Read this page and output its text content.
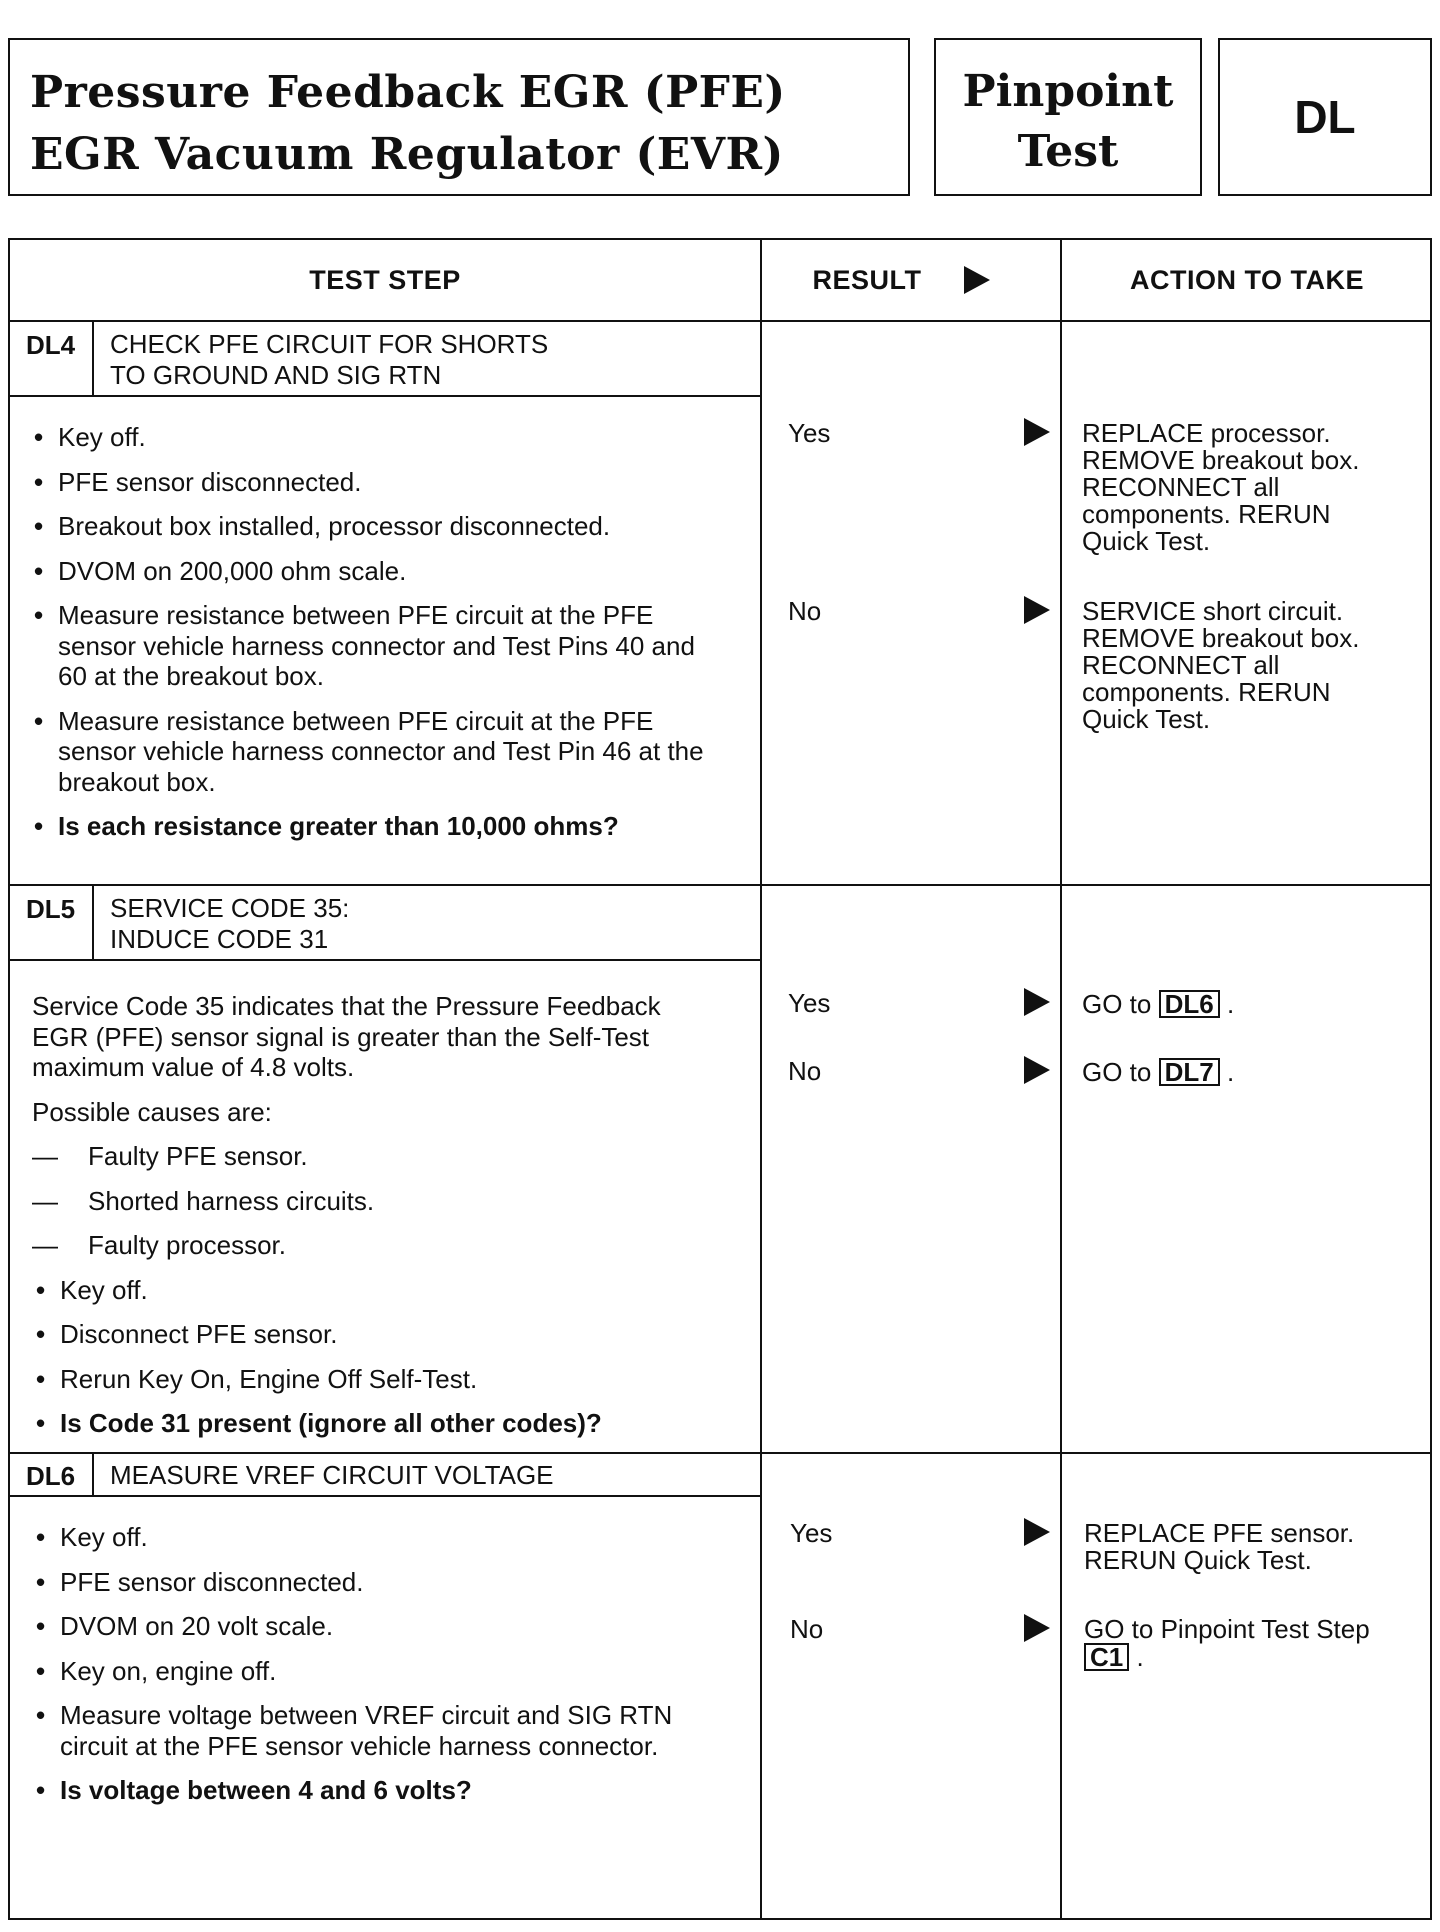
Pressure Feedback EGR (PFE)
EGR Vacuum Regulator (EVR)
Pinpoint
Test
DL
TEST STEP	RESULT	ACTION TO TAKE
DL4 CHECK PFE CIRCUIT FOR SHORTS
TO GROUND AND SIG RTN
• Key off.
• PFE sensor disconnected.
• Breakout box installed, processor disconnected.
• DVOM on 200,000 ohm scale.
• Measure resistance between PFE circuit at the PFE sensor vehicle harness connector and Test Pins 40 and 60 at the breakout box.
• Measure resistance between PFE circuit at the PFE sensor vehicle harness connector and Test Pin 46 at the breakout box.
• Is each resistance greater than 10,000 ohms?
Yes	REPLACE processor. REMOVE breakout box. RECONNECT all components. RERUN Quick Test.
No	SERVICE short circuit. REMOVE breakout box. RECONNECT all components. RERUN Quick Test.
DL5 SERVICE CODE 35:
INDUCE CODE 31
Service Code 35 indicates that the Pressure Feedback EGR (PFE) sensor signal is greater than the Self-Test maximum value of 4.8 volts.
Possible causes are:
— Faulty PFE sensor.
— Shorted harness circuits.
— Faulty processor.
• Key off.
• Disconnect PFE sensor.
• Rerun Key On, Engine Off Self-Test.
• Is Code 31 present (ignore all other codes)?
Yes	GO to DL6 .
No	GO to DL7 .
DL6 MEASURE VREF CIRCUIT VOLTAGE
• Key off.
• PFE sensor disconnected.
• DVOM on 20 volt scale.
• Key on, engine off.
• Measure voltage between VREF circuit and SIG RTN circuit at the PFE sensor vehicle harness connector.
• Is voltage between 4 and 6 volts?
Yes	REPLACE PFE sensor. RERUN Quick Test.
No	GO to Pinpoint Test Step C1 .
